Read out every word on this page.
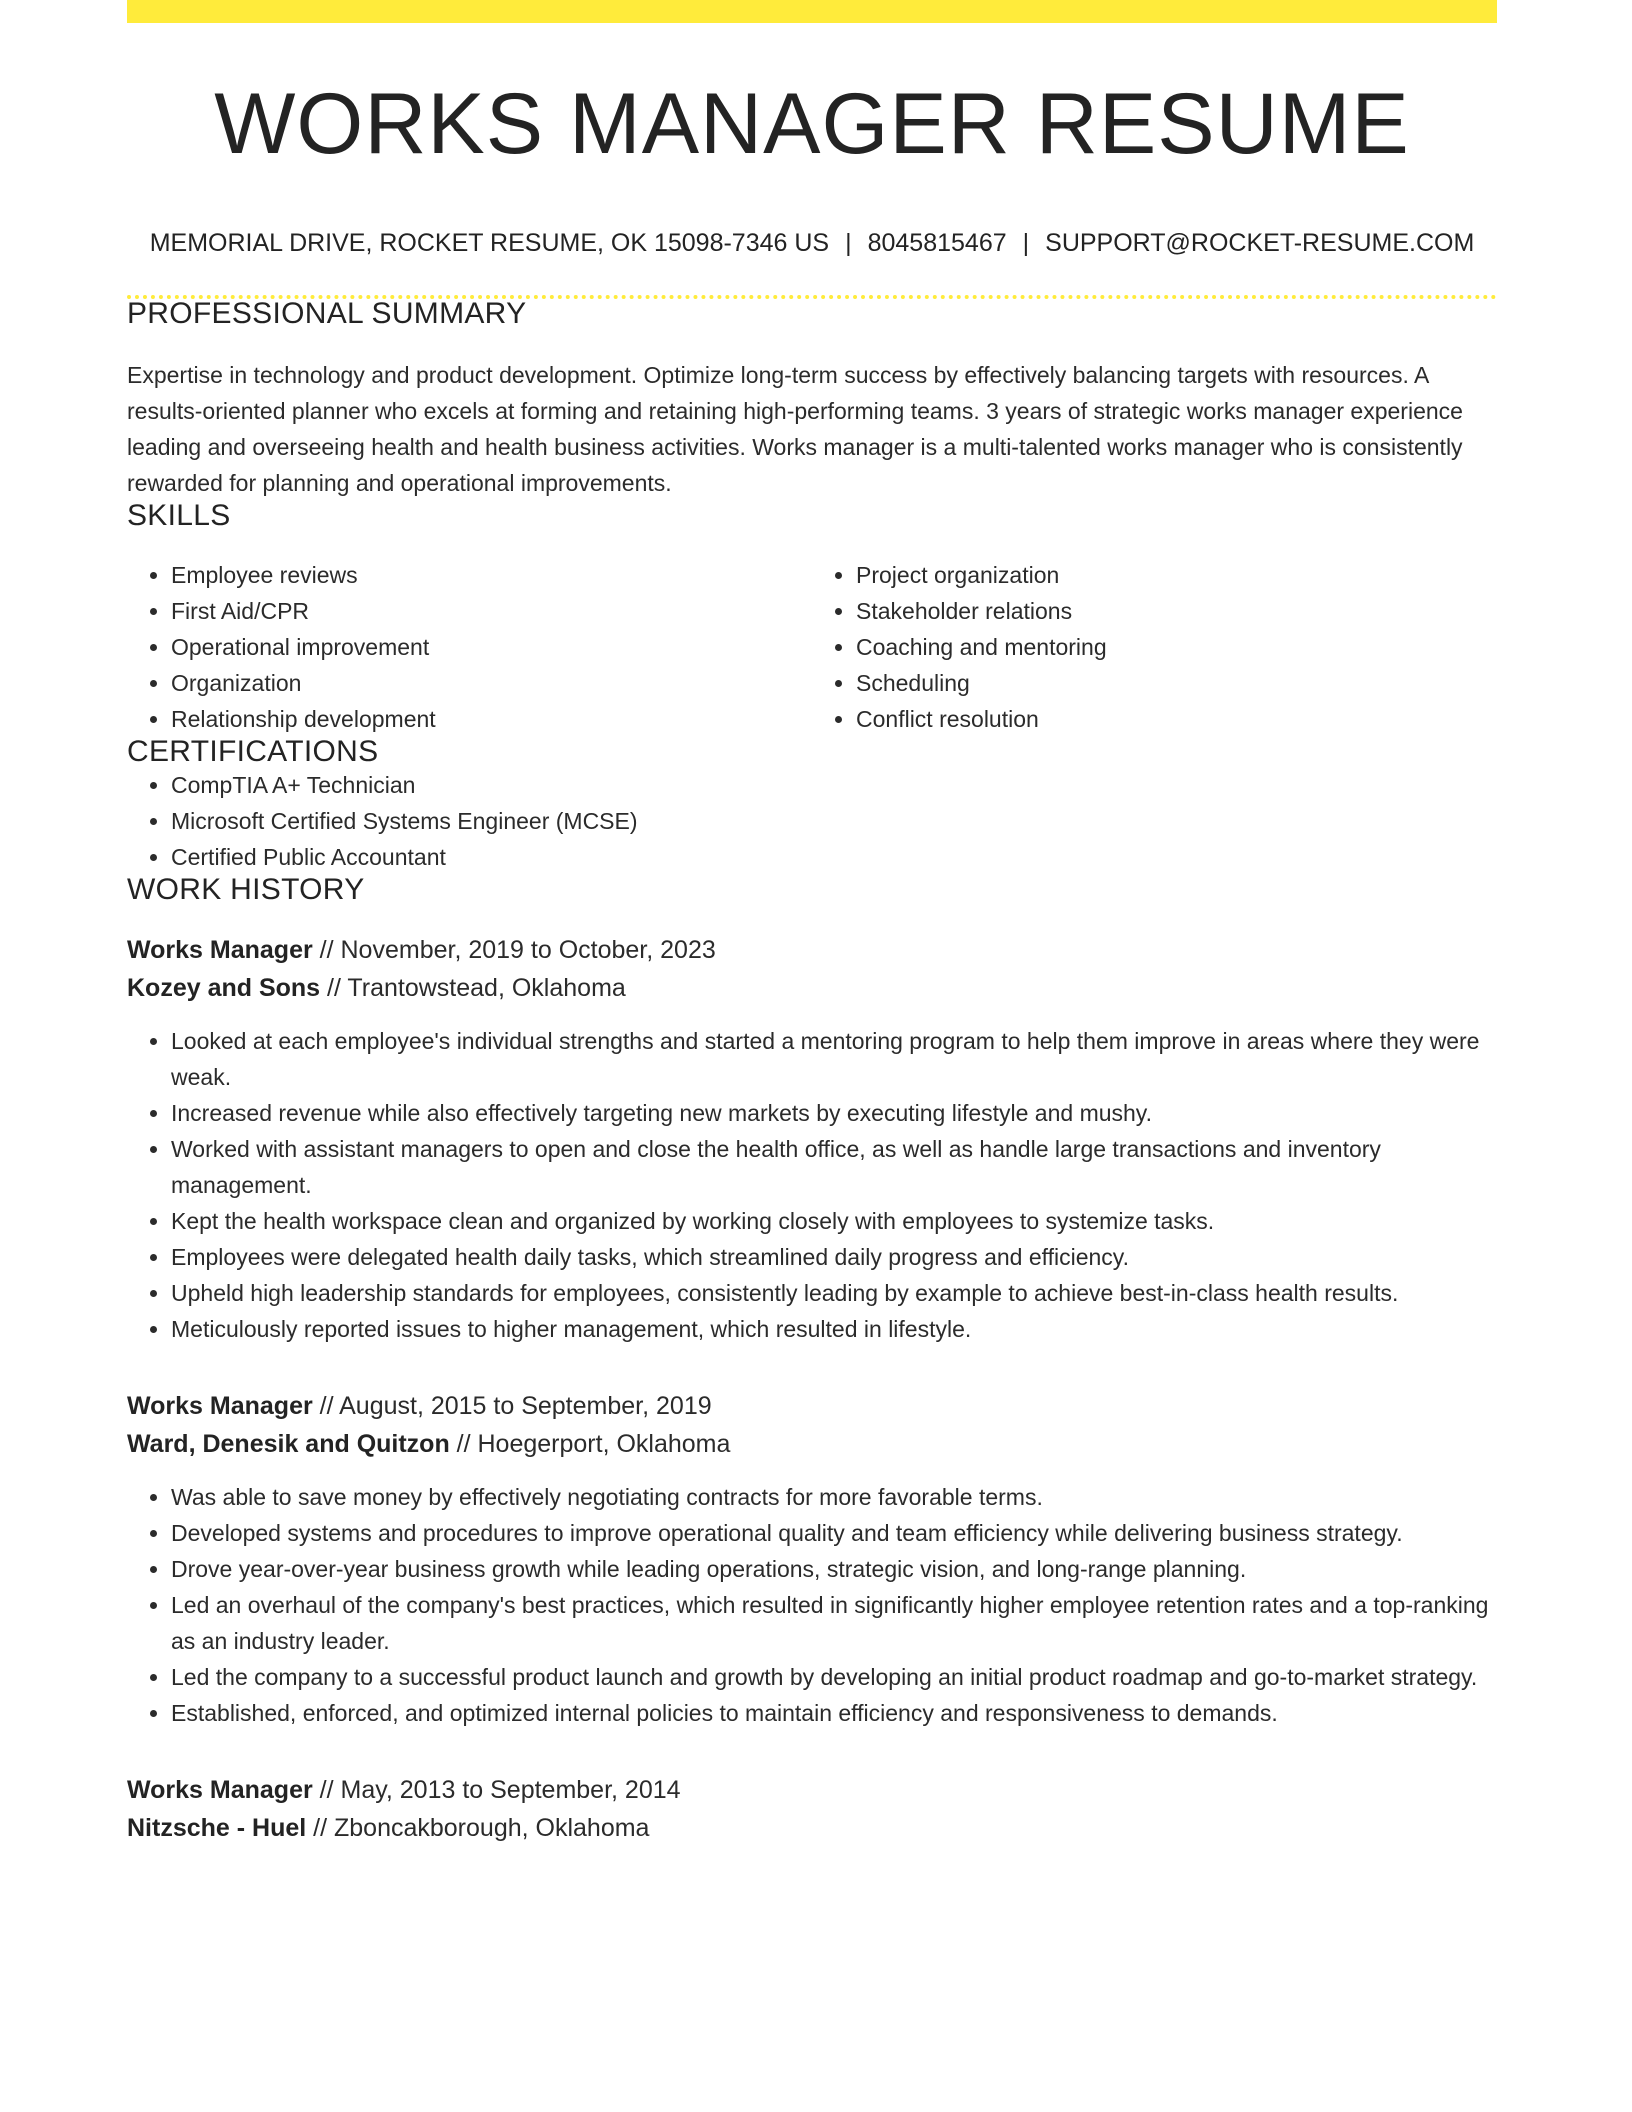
WORKS MANAGER RESUME
MEMORIAL DRIVE, ROCKET RESUME, OK 15098-7346 US | 8045815467 | SUPPORT@ROCKET-RESUME.COM
PROFESSIONAL SUMMARY
Expertise in technology and product development. Optimize long-term success by effectively balancing targets with resources. A results-oriented planner who excels at forming and retaining high-performing teams. 3 years of strategic works manager experience leading and overseeing health and health business activities. Works manager is a multi-talented works manager who is consistently rewarded for planning and operational improvements.
SKILLS
• Employee reviews
• First Aid/CPR
• Operational improvement
• Organization
• Relationship development
• Project organization
• Stakeholder relations
• Coaching and mentoring
• Scheduling
• Conflict resolution
CERTIFICATIONS
• CompTIA A+ Technician
• Microsoft Certified Systems Engineer (MCSE)
• Certified Public Accountant
WORK HISTORY
Works Manager // November, 2019 to October, 2023
Kozey and Sons // Trantowstead, Oklahoma
• Looked at each employee's individual strengths and started a mentoring program to help them improve in areas where they were weak.
• Increased revenue while also effectively targeting new markets by executing lifestyle and mushy.
• Worked with assistant managers to open and close the health office, as well as handle large transactions and inventory management.
• Kept the health workspace clean and organized by working closely with employees to systemize tasks.
• Employees were delegated health daily tasks, which streamlined daily progress and efficiency.
• Upheld high leadership standards for employees, consistently leading by example to achieve best-in-class health results.
• Meticulously reported issues to higher management, which resulted in lifestyle.
Works Manager // August, 2015 to September, 2019
Ward, Denesik and Quitzon // Hoegerport, Oklahoma
• Was able to save money by effectively negotiating contracts for more favorable terms.
• Developed systems and procedures to improve operational quality and team efficiency while delivering business strategy.
• Drove year-over-year business growth while leading operations, strategic vision, and long-range planning.
• Led an overhaul of the company's best practices, which resulted in significantly higher employee retention rates and a top-ranking as an industry leader.
• Led the company to a successful product launch and growth by developing an initial product roadmap and go-to-market strategy.
• Established, enforced, and optimized internal policies to maintain efficiency and responsiveness to demands.
Works Manager // May, 2013 to September, 2014
Nitzsche - Huel // Zboncakborough, Oklahoma
